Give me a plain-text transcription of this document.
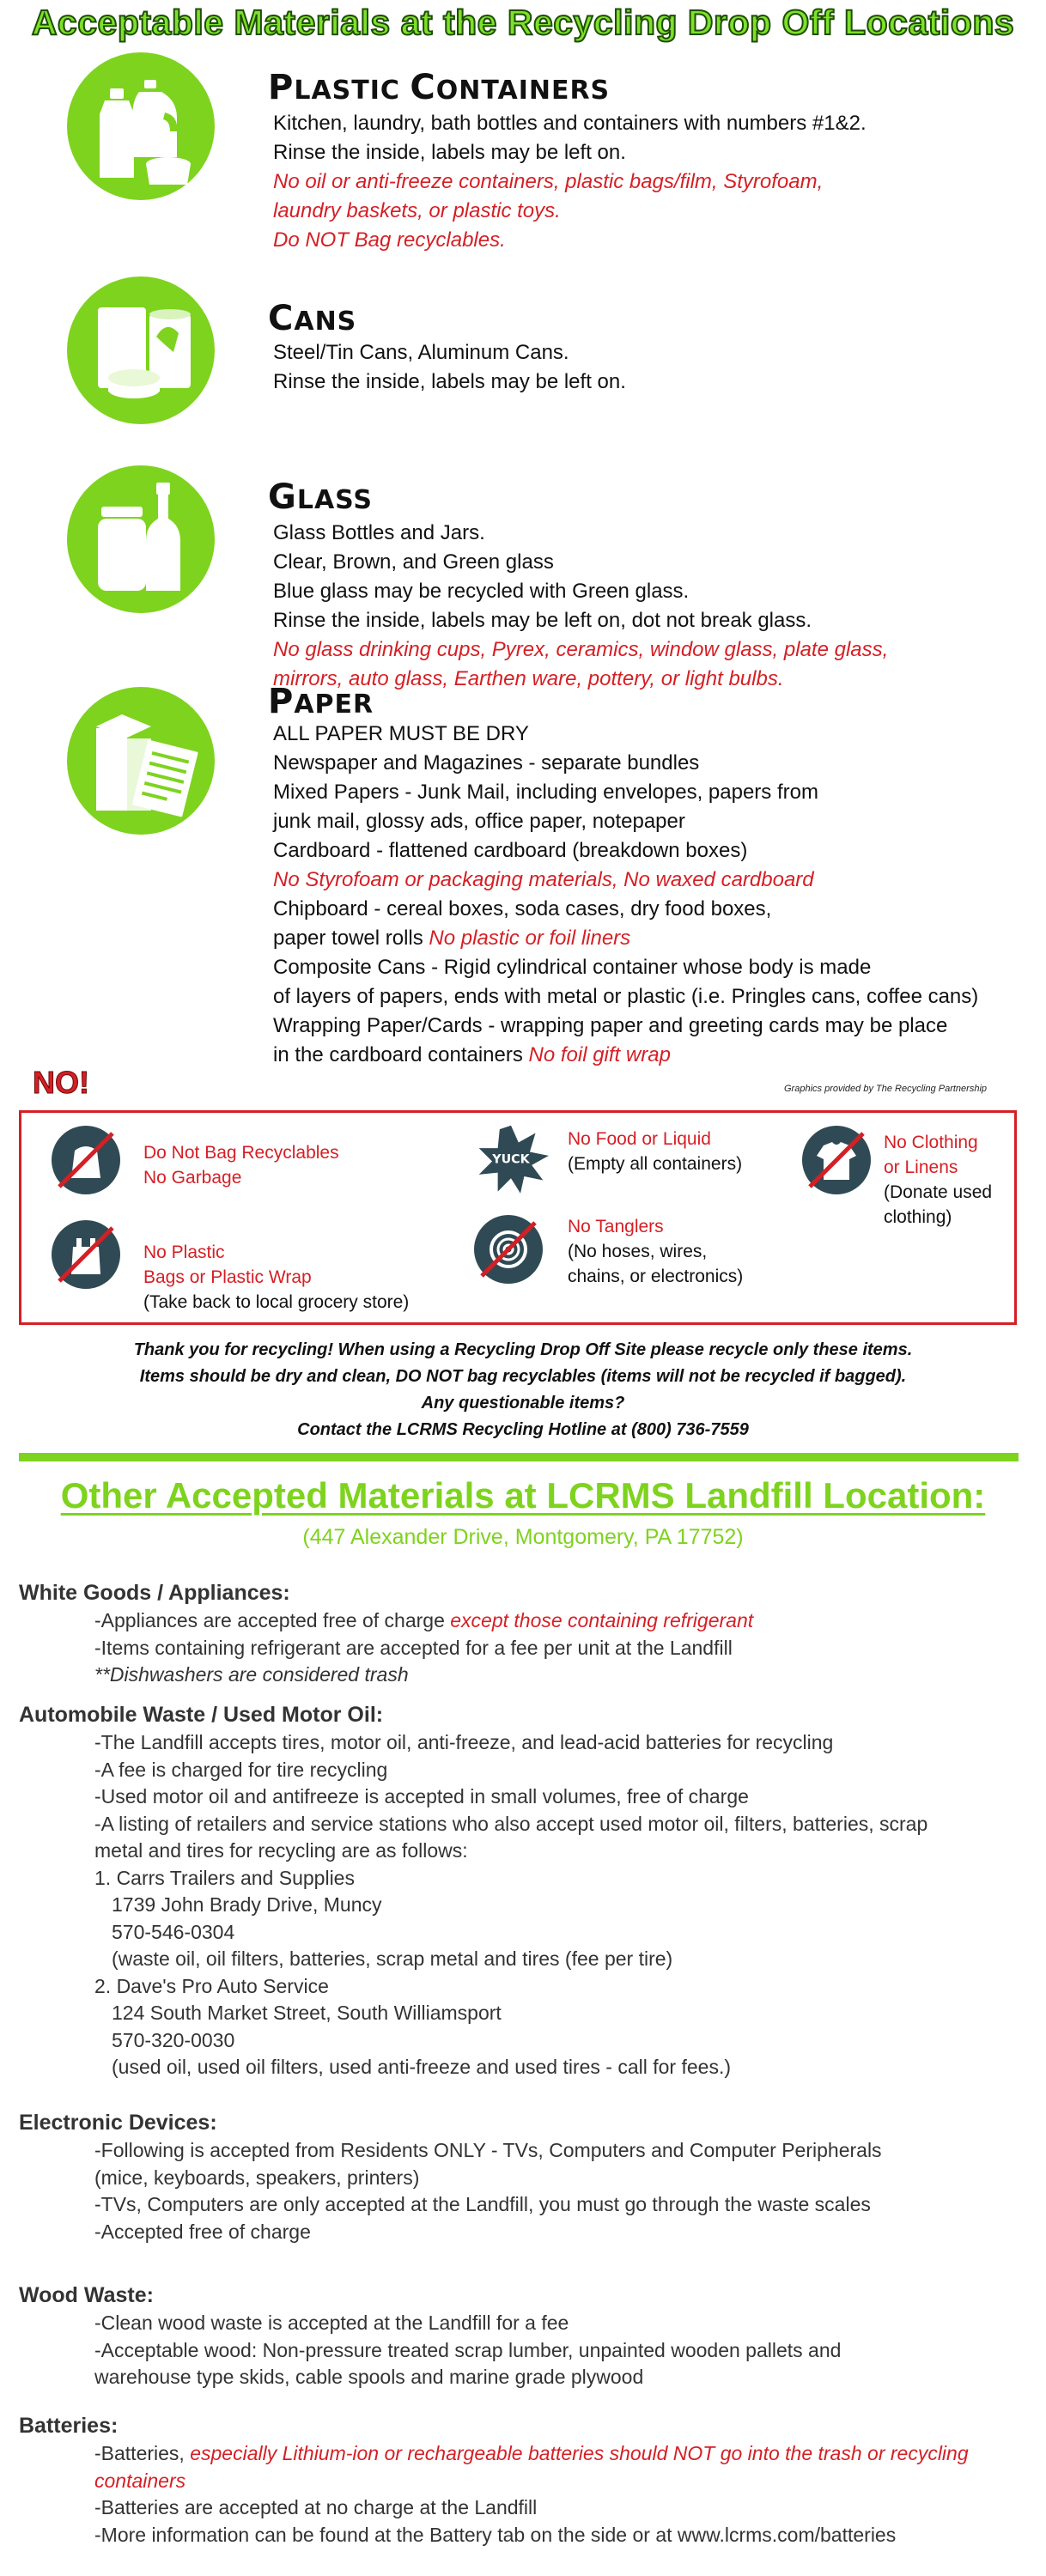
Acceptable Materials at the Recycling Drop Off Locations
PLASTIC CONTAINERS
Kitchen, laundry, bath bottles and containers with numbers #1&2.
Rinse the inside, labels may be left on.
No oil or anti-freeze containers, plastic bags/film, Styrofoam,
laundry baskets, or plastic toys.
Do NOT Bag recyclables.
CANS
Steel/Tin Cans, Aluminum Cans.
Rinse the inside, labels may be left on.
GLASS
Glass Bottles and Jars.
Clear, Brown, and Green glass
Blue glass may be recycled with Green glass.
Rinse the inside, labels may be left on, dot not break glass.
No glass drinking cups, Pyrex, ceramics, window glass, plate glass,
mirrors, auto glass, Earthen ware, pottery, or light bulbs.
PAPER
ALL PAPER MUST BE DRY
Newspaper and Magazines - separate bundles
Mixed Papers - Junk Mail, including envelopes, papers from
junk mail, glossy ads, office paper, notepaper
Cardboard - flattened cardboard (breakdown boxes)
No Styrofoam or packaging materials, No waxed cardboard
Chipboard - cereal boxes, soda cases, dry food boxes,
paper towel rolls No plastic or foil liners
Composite Cans - Rigid cylindrical container whose body is made
of layers of papers, ends with metal or plastic (i.e. Pringles cans, coffee cans)
Wrapping Paper/Cards - wrapping paper and greeting cards may be place
in the cardboard containers No foil gift wrap
NO!	Graphics provided by The Recycling Partnership
Do Not Bag Recyclables
No Garbage
YUCK
No Food or Liquid
(Empty all containers)
No Clothing
or Linens
(Donate used
clothing)
No Plastic
Bags or Plastic Wrap
(Take back to local grocery store)
No Tanglers
(No hoses, wires,
chains, or electronics)
Thank you for recycling! When using a Recycling Drop Off Site please recycle only these items.
Items should be dry and clean, DO NOT bag recyclables (items will not be recycled if bagged).
Any questionable items?
Contact the LCRMS Recycling Hotline at (800) 736-7559
Other Accepted Materials at LCRMS Landfill Location:
(447 Alexander Drive, Montgomery, PA 17752)
White Goods / Appliances:
-Appliances are accepted free of charge except those containing refrigerant
-Items containing refrigerant are accepted for a fee per unit at the Landfill
**Dishwashers are considered trash
Automobile Waste / Used Motor Oil:
-The Landfill accepts tires, motor oil, anti-freeze, and lead-acid batteries for recycling
-A fee is charged for tire recycling
-Used motor oil and antifreeze is accepted in small volumes, free of charge
-A listing of retailers and service stations who also accept used motor oil, filters, batteries, scrap
metal and tires for recycling are as follows:
1. Carrs Trailers and Supplies
1739 John Brady Drive, Muncy
570-546-0304
(waste oil, oil filters, batteries, scrap metal and tires (fee per tire)
2. Dave's Pro Auto Service
124 South Market Street, South Williamsport
570-320-0030
(used oil, used oil filters, used anti-freeze and used tires - call for fees.)
Electronic Devices:
-Following is accepted from Residents ONLY - TVs, Computers and Computer Peripherals
(mice, keyboards, speakers, printers)
-TVs, Computers are only accepted at the Landfill, you must go through the waste scales
-Accepted free of charge
Wood Waste:
-Clean wood waste is accepted at the Landfill for a fee
-Acceptable wood: Non-pressure treated scrap lumber, unpainted wooden pallets and
warehouse type skids, cable spools and marine grade plywood
Batteries:
-Batteries, especially Lithium-ion or rechargeable batteries should NOT go into the trash or recycling
containers
-Batteries are accepted at no charge at the Landfill
-More information can be found at the Battery tab on the side or at www.lcrms.com/batteries
